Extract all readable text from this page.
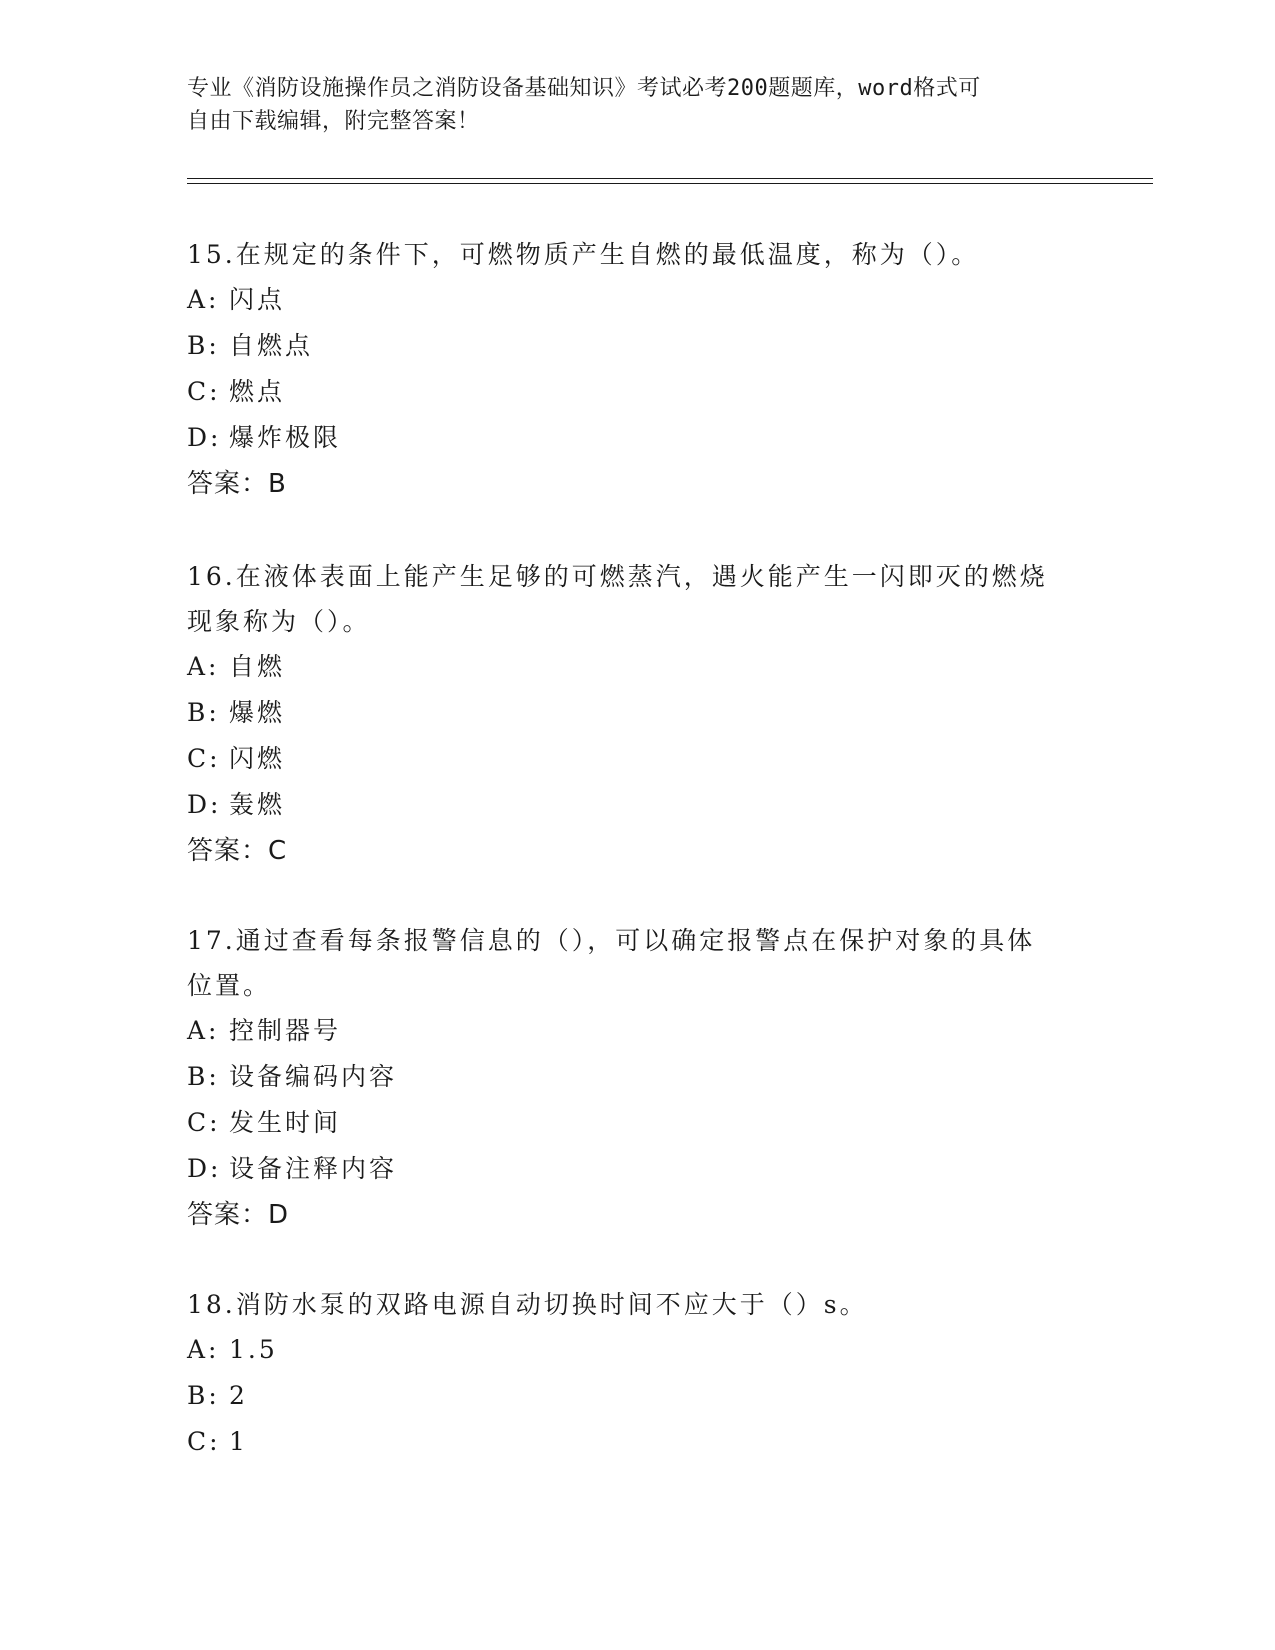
专业《消防设施操作员之消防设备基础知识》考试必考200题题库，word格式可
自由下载编辑，附完整答案！
15.在规定的条件下，可燃物质产生自燃的最低温度，称为（）。
A: 闪点
B: 自燃点
C: 燃点
D: 爆炸极限
答案：B
16.在液体表面上能产生足够的可燃蒸汽，遇火能产生一闪即灭的燃烧
现象称为（）。
A: 自燃
B: 爆燃
C: 闪燃
D: 轰燃
答案：C
17.通过查看每条报警信息的（），可以确定报警点在保护对象的具体
位置。
A: 控制器号
B: 设备编码内容
C: 发生时间
D: 设备注释内容
答案：D
18.消防水泵的双路电源自动切换时间不应大于（）s。
A: 1.5
B: 2
C: 1
